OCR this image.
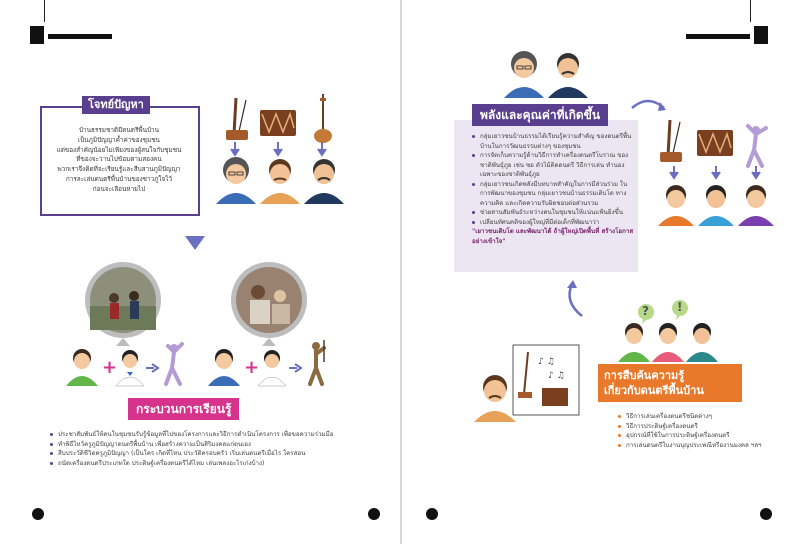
โจทย์ปัญหา
บ้านธรรมชาติมีดนตรีพื้นบ้าน
เป็นภูมิปัญญาค้ำค่าของชุมชน
แต่ของสำคัญน้อยไม่เพียงของผู้สนใจกับชุมชน
ที่ของจะวานไปข้อมตามสองคน
พวกเราจึงคิดที่จะเรียนรู้และสืบสานภูมิปัญญา
การละเล่นดนตรีพื้นบ้านของชาวภูใจไว้
ก่อนจะเลือนหายไป
+	+
กระบวนการเรียนรู้
ประชาสัมพันธ์ให้คนในชุมชนรับรู้ข้อมูลที่ไปของโครงการและวิธีการดำเนินโครงการ เพื่อขอความร่วมมือ
ทำพิธีไหว้ครูภูมิปัญญาดนตรีพื้นบ้าน เพื่อสร้างความเป็นสิริมงคลแก่ตนเอง
สืบประวัติชีวิตครูภูมิปัญญา (เป็นใคร เกิดที่ไหน ประวัติครอบครัว เริ่มเล่นดนตรีเมื่อไร ใครสอน
ถนัดเครื่องดนตรีประเภทใด ประดิษฐ์เครื่องดนตรีได้ไหม เล่นเพลงอะไรเก่งบ้าง)
พลังและคุณค่าที่เกิดขึ้น
กลุ่มเยาวชนบ้านธรรมได้เรียนรู้ความสำคัญ ของดนตรีพื้นบ้านในการวัฒนธรรมต่างๆ ของชุมชน
การจัดเก็บความรู้ด้านวิธีการทำเครื่องดนตรีโบราณ ของชาติพันธุ์ภูย เช่น ซอ ตัวไม้ติดดนตรี วิธีการเล่น ทำนองเฉพาะของชาติพันธุ์ภูย
กลุ่มเยาวชนเกิดพลังมีบทบาทสำคัญในการมีส่วนร่วม ในการพัฒนาของชุมชน กลุ่มเยาวชนบ้านธรรมเติบโต ทางความคิด และเกิดความรับผิดชอบต่อส่วนรวม
ช่วยสานสัมพันธ์ระหว่างคนในชุมชนให้แน่นแฟ้นยิ่งขึ้น
เปลี่ยนทัศนคติของผู้ใหญ่ที่มีต่อเด็กที่พัฒนาว่า
"เยาวชนเติบโต และพัฒนาได้ ถ้าผู้ใหญ่เปิดพื้นที่ สร้างโอกาส อย่างเข้าใจ"
? !
♪ ♫
♪ ♫	การสืบค้นความรู้
เกี่ยวกับดนตรีพื้นบ้าน
วิธีการเล่นเครื่องดนตรีชนิดต่างๆ
วิธีการประดิษฐ์เครื่องดนตรี
อุปกรณ์ที่ใช้ในการประดิษฐ์เครื่องดนตรี
การเล่นดนตรีในงานบุญประเพณีหรืองานมงคล ฯลฯ
